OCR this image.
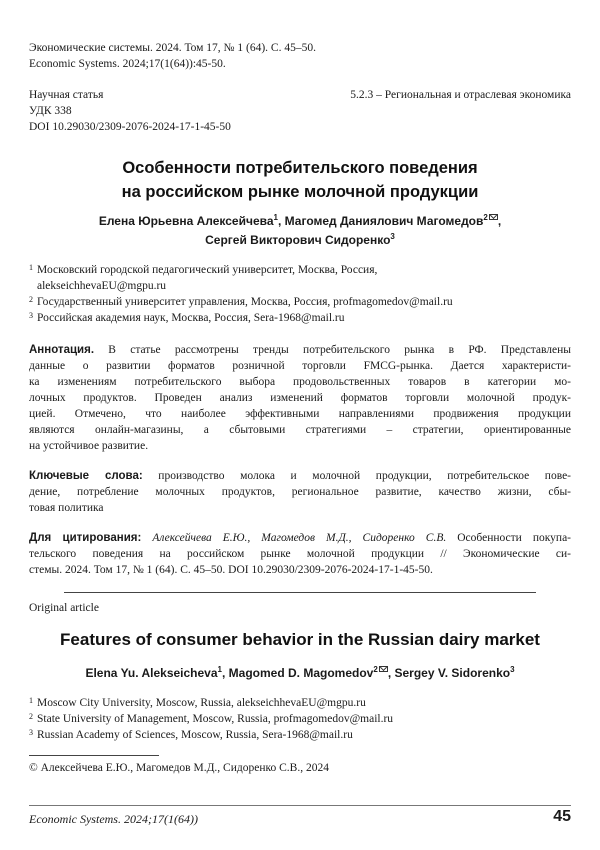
Экономические системы. 2024. Том 17, № 1 (64). С. 45–50.
Economic Systems. 2024;17(1(64)):45-50.
Научная статья	5.2.3 – Региональная и отраслевая экономика
УДК 338
DOI 10.29030/2309-2076-2024-17-1-45-50
Особенности потребительского поведения
на российском рынке молочной продукции
Елена Юрьевна Алексейчева$^1$, Магомед Даниялович Магомедов$^2$ ,
Сергей Викторович Сидоренко$^3$
1 Московский городской педагогический университет, Москва, Россия,
alekseichhevaEU@mgpu.ru
2 Государственный университет управления, Москва, Россия, profmagomedov@mail.ru
3 Российская академия наук, Москва, Россия, Sera-1968@mail.ru
Аннотация. В статье рассмотрены тренды потребительского рынка в РФ. Представлены
данные о развитии форматов розничной торговли FMCG-рынка. Дается характеристи-
ка изменениям потребительского выбора продовольственных товаров в категории мо-
лочных продуктов. Проведен анализ изменений форматов торговли молочной продук-
цией. Отмечено, что наиболее эффективными направлениями продвижения продукции
являются онлайн-магазины, а сбытовыми стратегиями – стратегии, ориентированные
на устойчивое развитие.
Ключевые слова: производство молока и молочной продукции, потребительское пове-
дение, потребление молочных продуктов, региональное развитие, качество жизни, сбы-
товая политика
Для цитирования: Алексейчева Е.Ю., Магомедов М.Д., Сидоренко С.В. Особенности покупа-
тельского поведения на российском рынке молочной продукции // Экономические си-
стемы. 2024. Том 17, № 1 (64). С. 45–50. DOI 10.29030/2309-2076-2024-17-1-45-50.
Original article
Features of consumer behavior in the Russian dairy market
Elena Yu. Alekseicheva$^1$, Magomed D. Magomedov$^2$ , Sergey V. Sidorenko$^3$
1 Moscow City University, Moscow, Russia, alekseichhevaEU@mgpu.ru
2 State University of Management, Moscow, Russia, profmagomedov@mail.ru
3 Russian Academy of Sciences, Moscow, Russia, Sera-1968@mail.ru
© Алексейчева Е.Ю., Магомедов М.Д., Сидоренко С.В., 2024
Economic Systems. 2024;17(1(64))	45
